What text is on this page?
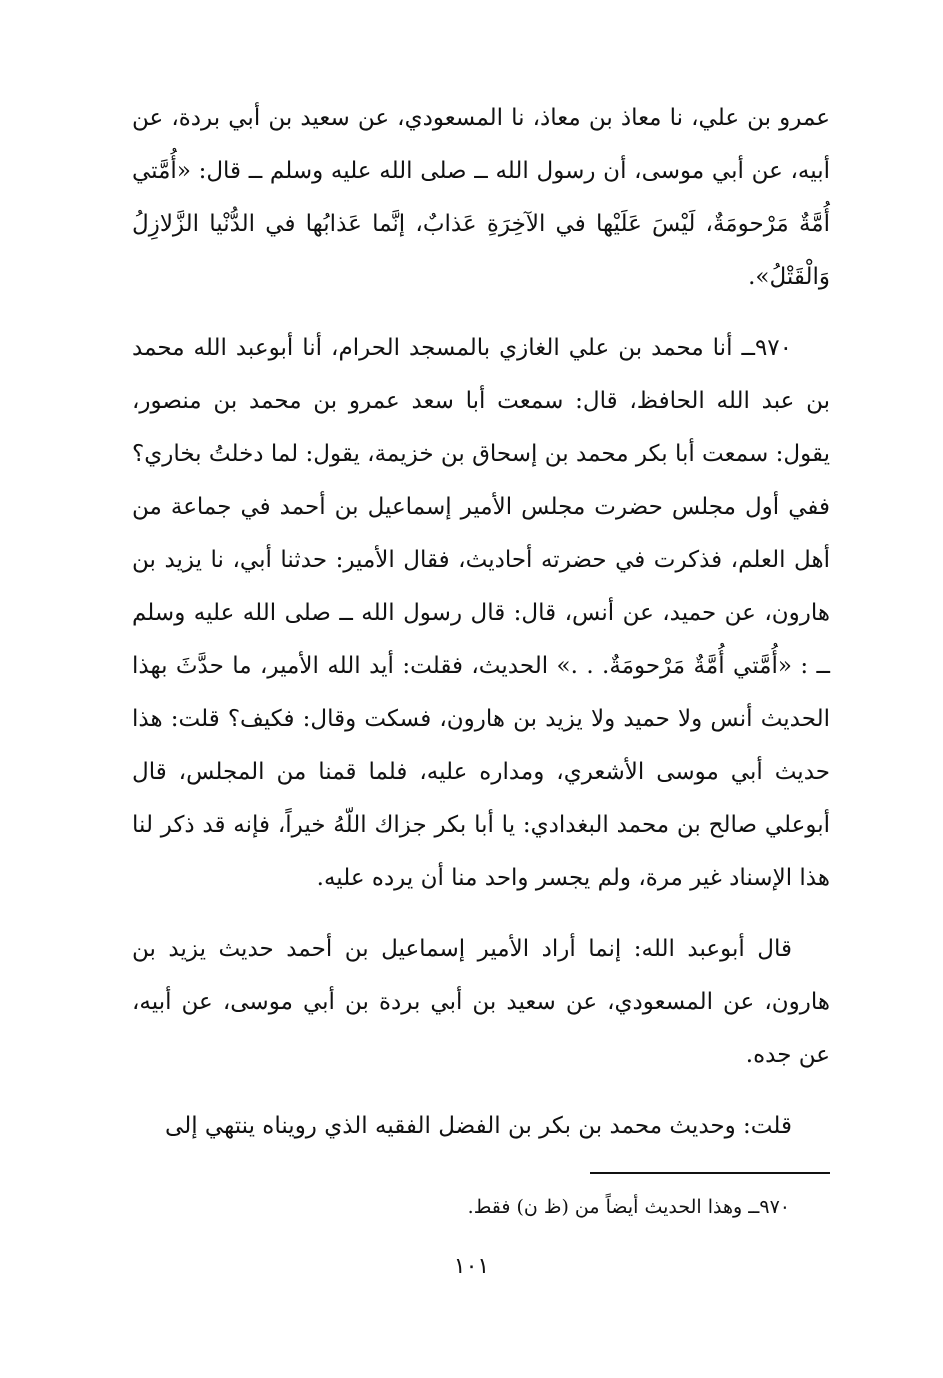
عمرو بن علي، نا معاذ بن معاذ، نا المسعودي، عن سعيد بن أبي بردة، عن أبيه، عن أبي موسى، أن رسول الله ــ صلى الله عليه وسلم ــ قال: «أُمَّتي أُمَّةٌ مَرْحومَةٌ، لَيْسَ عَلَيْها في الآخِرَةِ عَذابٌ، إنَّما عَذابُها في الدُّنْيا الزَّلازِلُ وَالْقَتْلُ».

٩٧٠ــ أنا محمد بن علي الغازي بالمسجد الحرام، أنا أبوعبد الله محمد بن عبد الله الحافظ، قال: سمعت أبا سعد عمرو بن محمد بن منصور، يقول: سمعت أبا بكر محمد بن إسحاق بن خزيمة، يقول: لما دخلتُ بخاري؟ ففي أول مجلس حضرت مجلس الأمير إسماعيل بن أحمد في جماعة من أهل العلم، فذكرت في حضرته أحاديث، فقال الأمير: حدثنا أبي، نا يزيد بن هارون، عن حميد، عن أنس، قال: قال رسول الله ــ صلى الله عليه وسلم ــ : «أُمَّتي أُمَّةٌ مَرْحومَةٌ. . .» الحديث، فقلت: أيد الله الأمير، ما حدَّثَ بهذا الحديث أنس ولا حميد ولا يزيد بن هارون، فسكت وقال: فكيف؟ قلت: هذا حديث أبي موسى الأشعري، ومداره عليه، فلما قمنا من المجلس، قال أبوعلي صالح بن محمد البغدادي: يا أبا بكر جزاك اللّهُ خيراً، فإنه قد ذكر لنا هذا الإسناد غير مرة، ولم يجسر واحد منا أن يرده عليه.

قال أبوعبد الله: إنما أراد الأمير إسماعيل بن أحمد حديث يزيد بن هارون، عن المسعودي، عن سعيد بن أبي بردة بن أبي موسى، عن أبيه، عن جده.

قلت: وحديث محمد بن بكر بن الفضل الفقيه الذي رويناه ينتهي إلى

٩٧٠ــ وهذا الحديث أيضاً من (ظ ن) فقط.
١٠١
